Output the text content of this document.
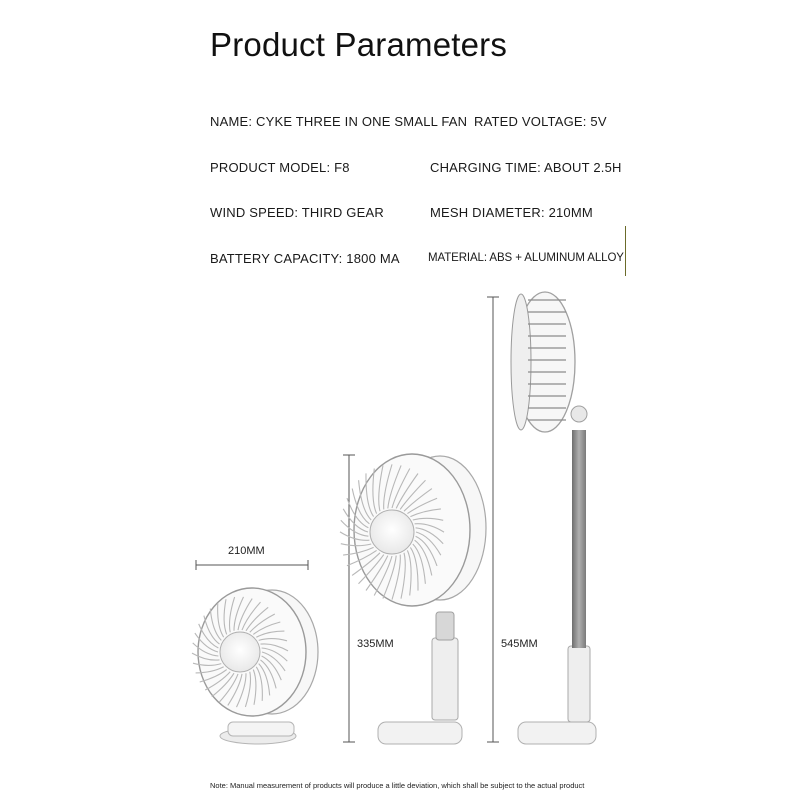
Product Parameters
NAME: CYKE THREE IN ONE SMALL FAN RATED VOLTAGE: 5V
PRODUCT MODEL: F8	CHARGING TIME: ABOUT 2.5H
WIND SPEED: THIRD GEAR	MESH DIAMETER: 210MM
BATTERY CAPACITY: 1800 MA MATERIAL: ABS + ALUMINUM ALLOY
210MM
335MM	545MM
Note: Manual measurement of products will produce a little deviation, which shall be subject to the actual product
